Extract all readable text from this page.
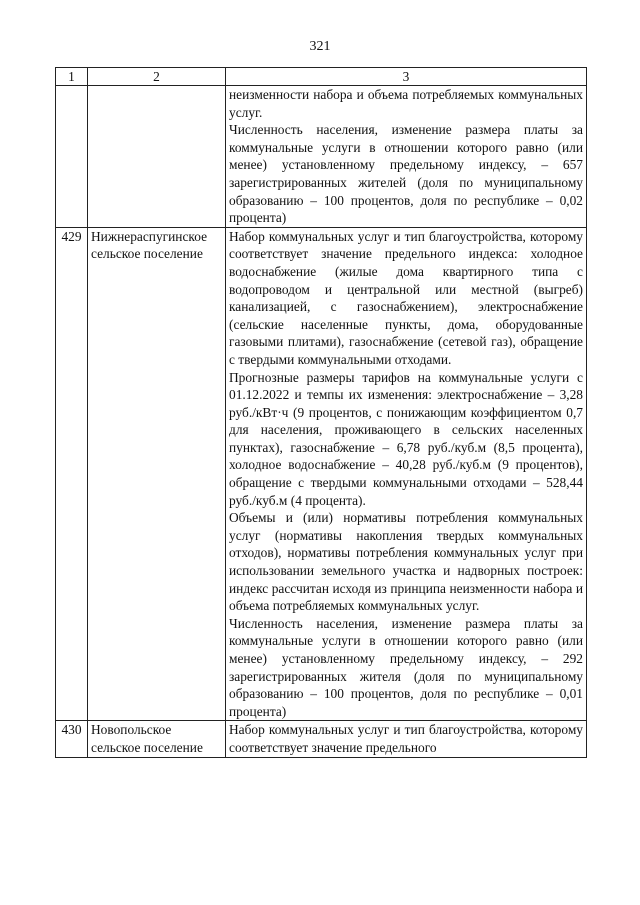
321
1	2	3

		неизменности набора и объема потребляемых коммунальных услуг.

Численность населения, изменение размера платы за коммунальные услуги в отношении которого равно (или менее) установленному предельному индексу, – 657 зарегистрированных жителей (доля по муниципальному образованию – 100 процентов, доля по республике – 0,02 процента)

429	Нижнераспугинское сельское поселение	Набор коммунальных услуг и тип благоустройства, которому соответствует значение предельного индекса: холодное водоснабжение (жилые дома квартирного типа с водопроводом и центральной или местной (выгреб) канализацией, с газоснабжением), электроснабжение (сельские населенные пункты, дома, оборудованные газовыми плитами), газоснабжение (сетевой газ), обращение с твердыми коммунальными отходами.

Прогнозные размеры тарифов на коммунальные услуги с 01.12.2022 и темпы их изменения: электроснабжение – 3,28 руб./кВт·ч (9 процентов, с понижающим коэффициентом 0,7 для населения, проживающего в сельских населенных пунктах), газоснабжение – 6,78 руб./куб.м (8,5 процента), холодное водоснабжение – 40,28 руб./куб.м (9 процентов), обращение с твердыми коммунальными отходами – 528,44 руб./куб.м (4 процента).

Объемы и (или) нормативы потребления коммунальных услуг (нормативы накопления твердых коммунальных отходов), нормативы потребления коммунальных услуг при использовании земельного участка и надворных построек: индекс рассчитан исходя из принципа неизменности набора и объема потребляемых коммунальных услуг.

Численность населения, изменение размера платы за коммунальные услуги в отношении которого равно (или менее) установленному предельному индексу, – 292 зарегистрированных жителя (доля по муниципальному образованию – 100 процентов, доля по республике – 0,01 процента)

430	Новопольское сельское поселение	Набор коммунальных услуг и тип благоустройства, которому соответствует значение предельного
